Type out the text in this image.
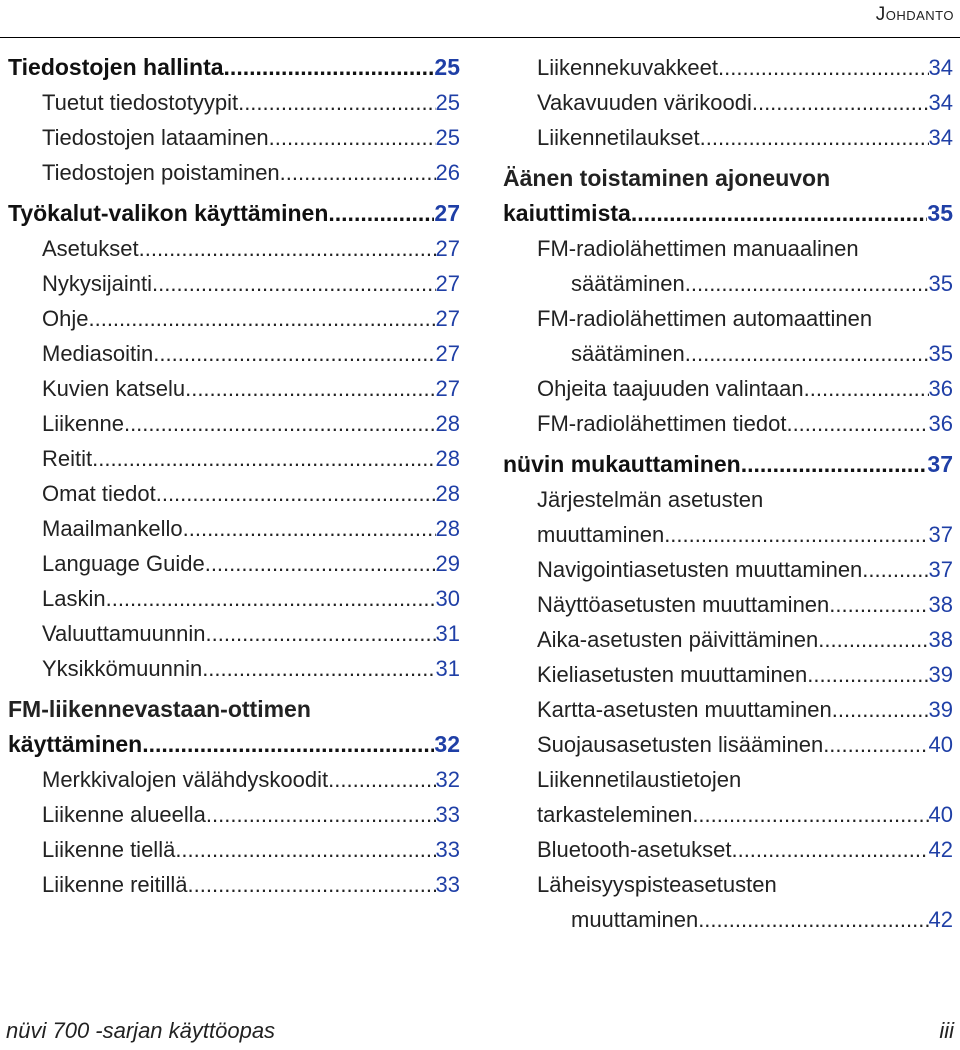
Johdanto
Tiedostojen hallinta .....	25
Tuetut tiedostotyypit .....	25
Tiedostojen lataaminen .....	25
Tiedostojen poistaminen .....	26
Työkalut-valikon käyttäminen .....	27
Asetukset .....	27
Nykysijainti .....	27
Ohje .....	27
Mediasoitin .....	27
Kuvien katselu .....	27
Liikenne .....	28
Reitit .....	28
Omat tiedot .....	28
Maailmankello .....	28
Language Guide .....	29
Laskin .....	30
Valuuttamuunnin .....	31
Yksikkömuunnin .....	31
FM-liikennevastaan-ottimen
käyttäminen .....	32
Merkkivalojen välähdyskoodit .....	32
Liikenne alueella .....	33
Liikenne tiellä .....	33
Liikenne reitillä .....	33
Liikennekuvakkeet .....	34
Vakavuuden värikoodi .....	34
Liikennetilaukset .....	34
Äänen toistaminen ajoneuvon
kaiuttimista .....	35
FM-radiolähettimen manuaalinen
säätäminen .....	35
FM-radiolähettimen automaattinen
säätäminen .....	35
Ohjeita taajuuden valintaan .....	36
FM-radiolähettimen tiedot .....	36
nüvin mukauttaminen .....	37
Järjestelmän asetusten
muuttaminen .....	37
Navigointiasetusten muuttaminen .....	37
Näyttöasetusten muuttaminen .....	38
Aika-asetusten päivittäminen .....	38
Kieliasetusten muuttaminen .....	39
Kartta-asetusten muuttaminen .....	39
Suojausasetusten lisääminen .....	40
Liikennetilaustietojen
tarkasteleminen .....	40
Bluetooth-asetukset .....	42
Läheisyyspisteasetusten
muuttaminen .....	42
nüvi 700 -sarjan käyttöopas	iii
